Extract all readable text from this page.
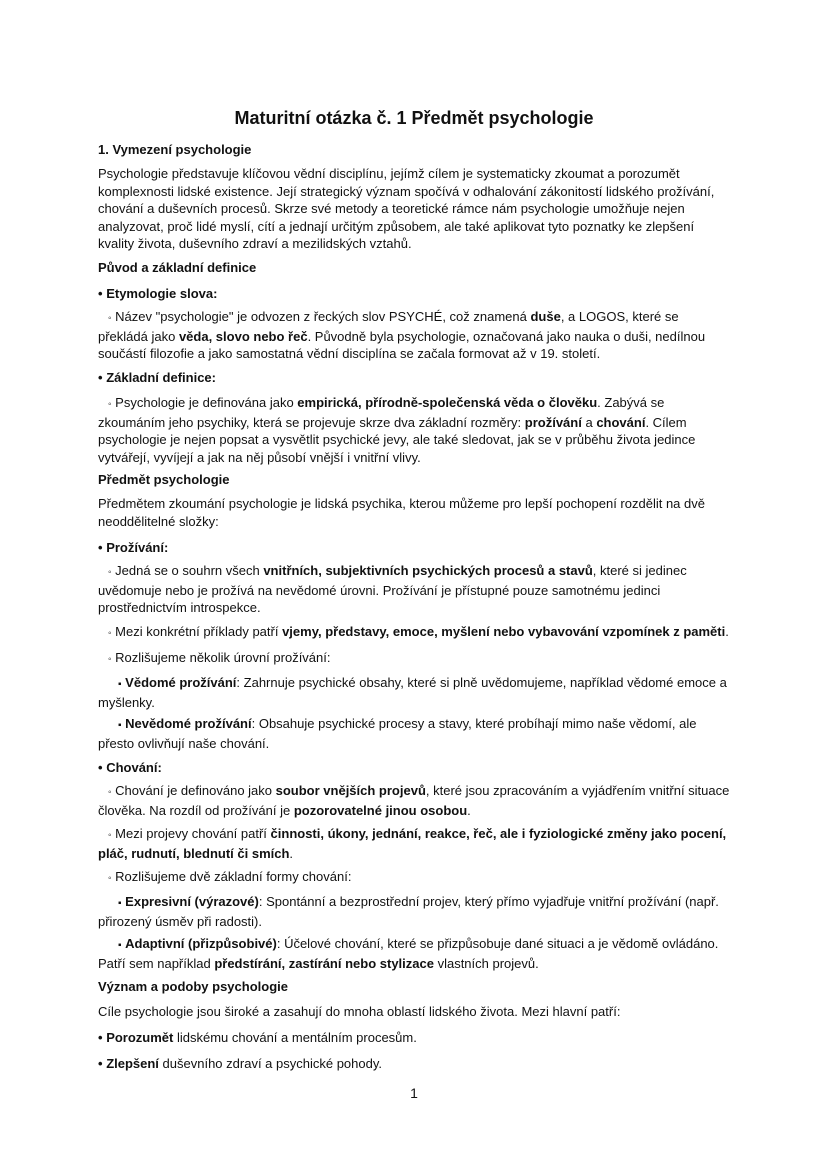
Maturitní otázka č. 1 Předmět psychologie
1. Vymezení psychologie
Psychologie představuje klíčovou vědní disciplínu, jejímž cílem je systematicky zkoumat a porozumět komplexnosti lidské existence. Její strategický význam spočívá v odhalování zákonitostí lidského prožívání, chování a duševních procesů. Skrze své metody a teoretické rámce nám psychologie umožňuje nejen analyzovat, proč lidé myslí, cítí a jednají určitým způsobem, ale také aplikovat tyto poznatky ke zlepšení kvality života, duševního zdraví a mezilidských vztahů.
Původ a základní definice
• Etymologie slova:
◦ Název "psychologie" je odvozen z řeckých slov PSYCHÉ, což znamená duše, a LOGOS, které se překládá jako věda, slovo nebo řeč. Původně byla psychologie, označovaná jako nauka o duši, nedílnou součástí filozofie a jako samostatná vědní disciplína se začala formovat až v 19. století.
• Základní definice:
◦ Psychologie je definována jako empirická, přírodně-společenská věda o člověku. Zabývá se zkoumáním jeho psychiky, která se projevuje skrze dva základní rozměry: prožívání a chování. Cílem psychologie je nejen popsat a vysvětlit psychické jevy, ale také sledovat, jak se v průběhu života jedince vytvářejí, vyvíjejí a jak na něj působí vnější i vnitřní vlivy.
Předmět psychologie
Předmětem zkoumání psychologie je lidská psychika, kterou můžeme pro lepší pochopení rozdělit na dvě neoddělitelné složky:
• Prožívání:
◦ Jedná se o souhrn všech vnitřních, subjektivních psychických procesů a stavů, které si jedinec uvědomuje nebo je prožívá na nevědomé úrovni. Prožívání je přístupné pouze samotnému jedinci prostřednictvím introspekce.
◦ Mezi konkrétní příklady patří vjemy, představy, emoce, myšlení nebo vybavování vzpomínek z paměti.
◦ Rozlišujeme několik úrovní prožívání:
▪ Vědomé prožívání: Zahrnuje psychické obsahy, které si plně uvědomujeme, například vědomé emoce a myšlenky.
▪ Nevědomé prožívání: Obsahuje psychické procesy a stavy, které probíhají mimo naše vědomí, ale přesto ovlivňují naše chování.
• Chování:
◦ Chování je definováno jako soubor vnějších projevů, které jsou zpracováním a vyjádřením vnitřní situace člověka. Na rozdíl od prožívání je pozorovatelné jinou osobou.
◦ Mezi projevy chování patří činnosti, úkony, jednání, reakce, řeč, ale i fyziologické změny jako pocení, pláč, rudnutí, blednutí či smích.
◦ Rozlišujeme dvě základní formy chování:
▪ Expresivní (výrazové): Spontánní a bezprostřední projev, který přímo vyjadřuje vnitřní prožívání (např. přirozený úsměv při radosti).
▪ Adaptivní (přizpůsobivé): Účelové chování, které se přizpůsobuje dané situaci a je vědomě ovládáno. Patří sem například předstírání, zastírání nebo stylizace vlastních projevů.
Význam a podoby psychologie
Cíle psychologie jsou široké a zasahují do mnoha oblastí lidského života. Mezi hlavní patří:
• Porozumět lidskému chování a mentálním procesům.
• Zlepšení duševního zdraví a psychické pohody.
1
